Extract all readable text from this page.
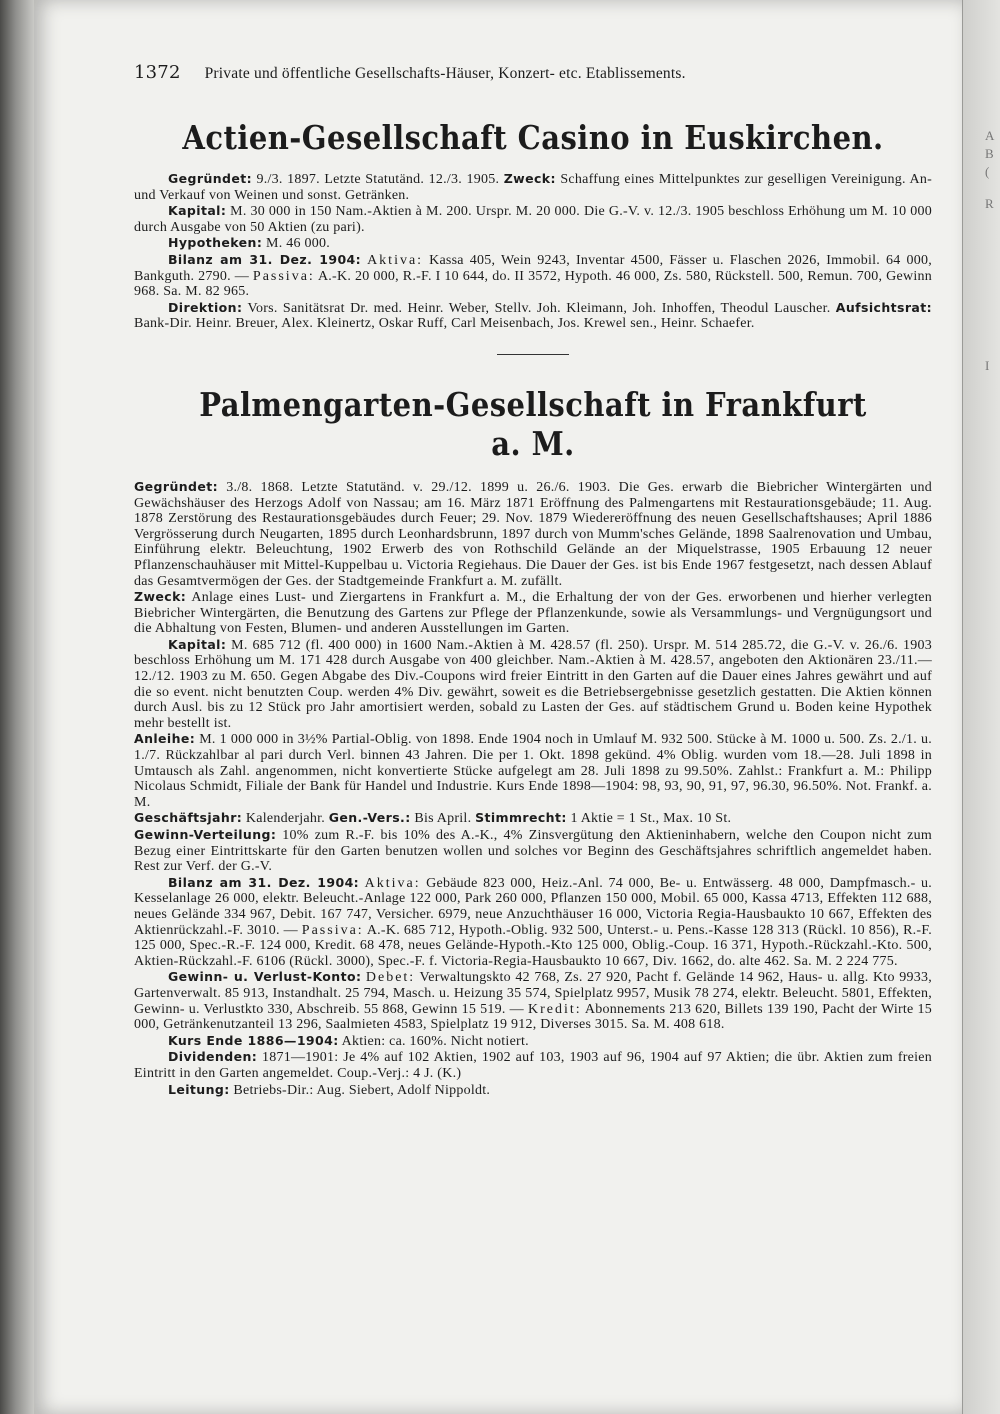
A
B
(
R
I
1372 Private und öffentliche Gesellschafts-Häuser, Konzert- etc. Etablissements.
Actien-Gesellschaft Casino in Euskirchen.

Gegründet: 9./3. 1897. Letzte Statutänd. 12./3. 1905. Zweck: Schaffung eines Mittelpunktes zur geselligen Vereinigung. An- und Verkauf von Weinen und sonst. Getränken.

Kapital: M. 30 000 in 150 Nam.-Aktien à M. 200. Urspr. M. 20 000. Die G.-V. v. 12./3. 1905 beschloss Erhöhung um M. 10 000 durch Ausgabe von 50 Aktien (zu pari).

Hypotheken: M. 46 000.

Bilanz am 31. Dez. 1904: Aktiva: Kassa 405, Wein 9243, Inventar 4500, Fässer u. Flaschen 2026, Immobil. 64 000, Bankguth. 2790. — Passiva: A.-K. 20 000, R.-F. I 10 644, do. II 3572, Hypoth. 46 000, Zs. 580, Rückstell. 500, Remun. 700, Gewinn 968. Sa. M. 82 965.

Direktion: Vors. Sanitätsrat Dr. med. Heinr. Weber, Stellv. Joh. Kleimann, Joh. Inhoffen, Theodul Lauscher. Aufsichtsrat: Bank-Dir. Heinr. Breuer, Alex. Kleinertz, Oskar Ruff, Carl Meisenbach, Jos. Krewel sen., Heinr. Schaefer.

Palmengarten-Gesellschaft in Frankfurt a. M.

Gegründet: 3./8. 1868. Letzte Statutänd. v. 29./12. 1899 u. 26./6. 1903. Die Ges. erwarb die Biebricher Wintergärten und Gewächshäuser des Herzogs Adolf von Nassau; am 16. März 1871 Eröffnung des Palmengartens mit Restaurationsgebäude; 11. Aug. 1878 Zerstörung des Restaurationsgebäudes durch Feuer; 29. Nov. 1879 Wiedereröffnung des neuen Gesellschaftshauses; April 1886 Vergrösserung durch Neugarten, 1895 durch Leonhardsbrunn, 1897 durch von Mumm'sches Gelände, 1898 Saalrenovation und Umbau, Einführung elektr. Beleuchtung, 1902 Erwerb des von Rothschild Gelände an der Miquelstrasse, 1905 Erbauung 12 neuer Pflanzenschauhäuser mit Mittel-Kuppelbau u. Victoria Regiehaus. Die Dauer der Ges. ist bis Ende 1967 festgesetzt, nach dessen Ablauf das Gesamtvermögen der Ges. der Stadtgemeinde Frankfurt a. M. zufällt.

Zweck: Anlage eines Lust- und Ziergartens in Frankfurt a. M., die Erhaltung der von der Ges. erworbenen und hierher verlegten Biebricher Wintergärten, die Benutzung des Gartens zur Pflege der Pflanzenkunde, sowie als Versammlungs- und Vergnügungsort und die Abhaltung von Festen, Blumen- und anderen Ausstellungen im Garten.

Kapital: M. 685 712 (fl. 400 000) in 1600 Nam.-Aktien à M. 428.57 (fl. 250). Urspr. M. 514 285.72, die G.-V. v. 26./6. 1903 beschloss Erhöhung um M. 171 428 durch Ausgabe von 400 gleichber. Nam.-Aktien à M. 428.57, angeboten den Aktionären 23./11.—12./12. 1903 zu M. 650. Gegen Abgabe des Div.-Coupons wird freier Eintritt in den Garten auf die Dauer eines Jahres gewährt und auf die so event. nicht benutzten Coup. werden 4% Div. gewährt, soweit es die Betriebsergebnisse gesetzlich gestatten. Die Aktien können durch Ausl. bis zu 12 Stück pro Jahr amortisiert werden, sobald zu Lasten der Ges. auf städtischem Grund u. Boden keine Hypothek mehr bestellt ist.

Anleihe: M. 1 000 000 in 3½% Partial-Oblig. von 1898. Ende 1904 noch in Umlauf M. 932 500. Stücke à M. 1000 u. 500. Zs. 2./1. u. 1./7. Rückzahlbar al pari durch Verl. binnen 43 Jahren. Die per 1. Okt. 1898 gekünd. 4% Oblig. wurden vom 18.—28. Juli 1898 in Umtausch als Zahl. angenommen, nicht konvertierte Stücke aufgelegt am 28. Juli 1898 zu 99.50%. Zahlst.: Frankfurt a. M.: Philipp Nicolaus Schmidt, Filiale der Bank für Handel und Industrie. Kurs Ende 1898—1904: 98, 93, 90, 91, 97, 96.30, 96.50%. Not. Frankf. a. M.

Geschäftsjahr: Kalenderjahr. Gen.-Vers.: Bis April. Stimmrecht: 1 Aktie = 1 St., Max. 10 St.

Gewinn-Verteilung: 10% zum R.-F. bis 10% des A.-K., 4% Zinsvergütung den Aktieninhabern, welche den Coupon nicht zum Bezug einer Eintrittskarte für den Garten benutzen wollen und solches vor Beginn des Geschäftsjahres schriftlich angemeldet haben. Rest zur Verf. der G.-V.

Bilanz am 31. Dez. 1904: Aktiva: Gebäude 823 000, Heiz.-Anl. 74 000, Be- u. Entwässerg. 48 000, Dampfmasch.- u. Kesselanlage 26 000, elektr. Beleucht.-Anlage 122 000, Park 260 000, Pflanzen 150 000, Mobil. 65 000, Kassa 4713, Effekten 112 688, neues Gelände 334 967, Debit. 167 747, Versicher. 6979, neue Anzuchthäuser 16 000, Victoria Regia-Hausbaukto 10 667, Effekten des Aktienrückzahl.-F. 3010. — Passiva: A.-K. 685 712, Hypoth.-Oblig. 932 500, Unterst.- u. Pens.-Kasse 128 313 (Rückl. 10 856), R.-F. 125 000, Spec.-R.-F. 124 000, Kredit. 68 478, neues Gelände-Hypoth.-Kto 125 000, Oblig.-Coup. 16 371, Hypoth.-Rückzahl.-Kto. 500, Aktien-Rückzahl.-F. 6106 (Rückl. 3000), Spec.-F. f. Victoria-Regia-Hausbaukto 10 667, Div. 1662, do. alte 462. Sa. M. 2 224 775.

Gewinn- u. Verlust-Konto: Debet: Verwaltungskto 42 768, Zs. 27 920, Pacht f. Gelände 14 962, Haus- u. allg. Kto 9933, Gartenverwalt. 85 913, Instandhalt. 25 794, Masch. u. Heizung 35 574, Spielplatz 9957, Musik 78 274, elektr. Beleucht. 5801, Effekten, Gewinn- u. Verlustkto 330, Abschreib. 55 868, Gewinn 15 519. — Kredit: Abonnements 213 620, Billets 139 190, Pacht der Wirte 15 000, Getränkenutzanteil 13 296, Saalmieten 4583, Spielplatz 19 912, Diverses 3015. Sa. M. 408 618.

Kurs Ende 1886—1904: Aktien: ca. 160%. Nicht notiert.

Dividenden: 1871—1901: Je 4% auf 102 Aktien, 1902 auf 103, 1903 auf 96, 1904 auf 97 Aktien; die übr. Aktien zum freien Eintritt in den Garten angemeldet. Coup.-Verj.: 4 J. (K.)

Leitung: Betriebs-Dir.: Aug. Siebert, Adolf Nippoldt.
